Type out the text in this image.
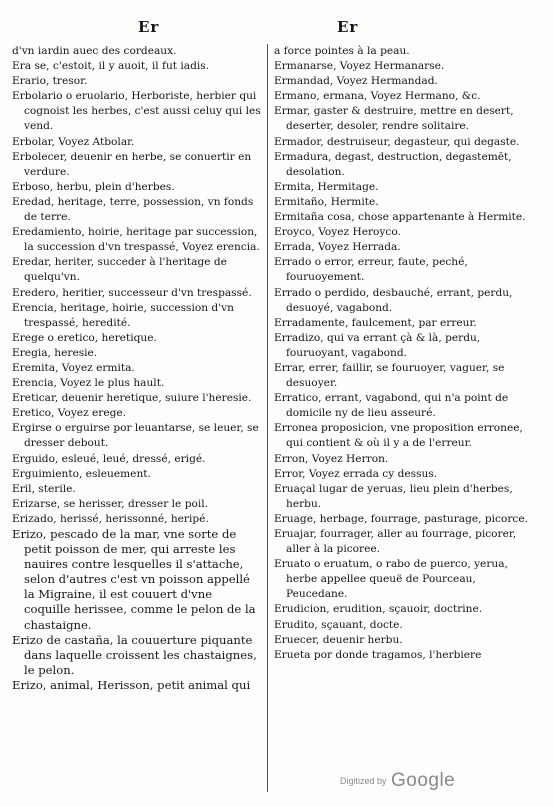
Er	Er

d'vn iardin auec des cordeaux.

Era se, c'estoit, il y auoit, il fut iadis.

Erario, tresor.

Erbolario o eruolario, Herboriste, herbier qui cognoist les herbes, c'est aussi celuy qui les vend.

Erbolar, Voyez Atbolar.

Erbolecer, deuenir en herbe, se conuertir en verdure.

Erboso, herbu, plein d'herbes.

Eredad, heritage, terre, possession, vn fonds de terre.

Eredamiento, hoirie, heritage par succession, la succession d'vn trespassé, Voyez erencia.

Eredar, heriter, succeder à l'heritage de quelqu'vn.

Eredero, heritier, successeur d'vn trespassé.

Erencia, heritage, hoirie, succession d'vn trespassé, heredité.

Erege o eretico, heretique.

Eregia, heresie.

Eremita, Voyez ermita.

Erencia, Voyez le plus hault.

Ereticar, deuenir heretique, suiure l'heresie.

Eretico, Voyez erege.

Ergirse o erguirse por leuantarse, se leuer, se dresser debout.

Erguido, esleué, leué, dressé, erigé.

Erguimiento, esleuement.

Eril, sterile.

Erizarse, se herisser, dresser le poil.

Erizado, herissé, herissonné, heripé.

Erizo, pescado de la mar, vne sorte de petit poisson de mer, qui arreste les nauires contre lesquelles il s'attache, selon d'autres c'est vn poisson appellé la Migraine, il est couuert d'vne coquille herissee, comme le pelon de la chastaigne.

Erizo de castaña, la couuerture piquante dans laquelle croissent les chastaignes, le pelon.

Erizo, animal, Herisson, petit animal qui

a force pointes à la peau.

Ermanarse, Voyez Hermanarse.

Ermandad, Voyez Hermandad.

Ermano, ermana, Voyez Hermano, &c.

Ermar, gaster & destruire, mettre en desert, deserter, desoler, rendre solitaire.

Ermador, destruiseur, degasteur, qui degaste.

Ermadura, degast, destruction, degastemēt, desolation.

Ermita, Hermitage.

Ermitaño, Hermite.

Ermitaña cosa, chose appartenante à Hermite.

Eroyco, Voyez Heroyco.

Errada, Voyez Herrada.

Errado o error, erreur, faute, peché, fouruoyement.

Errado o perdido, desbauché, errant, perdu, desuoyé, vagabond.

Erradamente, faulcement, par erreur.

Erradizo, qui va errant çà & là, perdu, fouruoyant, vagabond.

Errar, errer, faillir, se fouruoyer, vaguer, se desuoyer.

Erratico, errant, vagabond, qui n'a point de domicile ny de lieu asseuré.

Erronea proposicion, vne proposition erronee, qui contient & où il y a de l'erreur.

Erron, Voyez Herron.

Error, Voyez errada cy dessus.

Eruaçal lugar de yeruas, lieu plein d'herbes, herbu.

Eruage, herbage, fourrage, pasturage, picorce.

Eruajar, fourrager, aller au fourrage, picorer, aller à la picoree.

Eruato o eruatum, o rabo de puerco, yerua, herbe appellee queuë de Pourceau, Peucedane.

Erudicion, erudition, sçauoir, doctrine.

Erudito, sçauant, docte.

Eruecer, deuenir herbu.

Erueta por donde tragamos, l'herbiere

Digitized by Google
